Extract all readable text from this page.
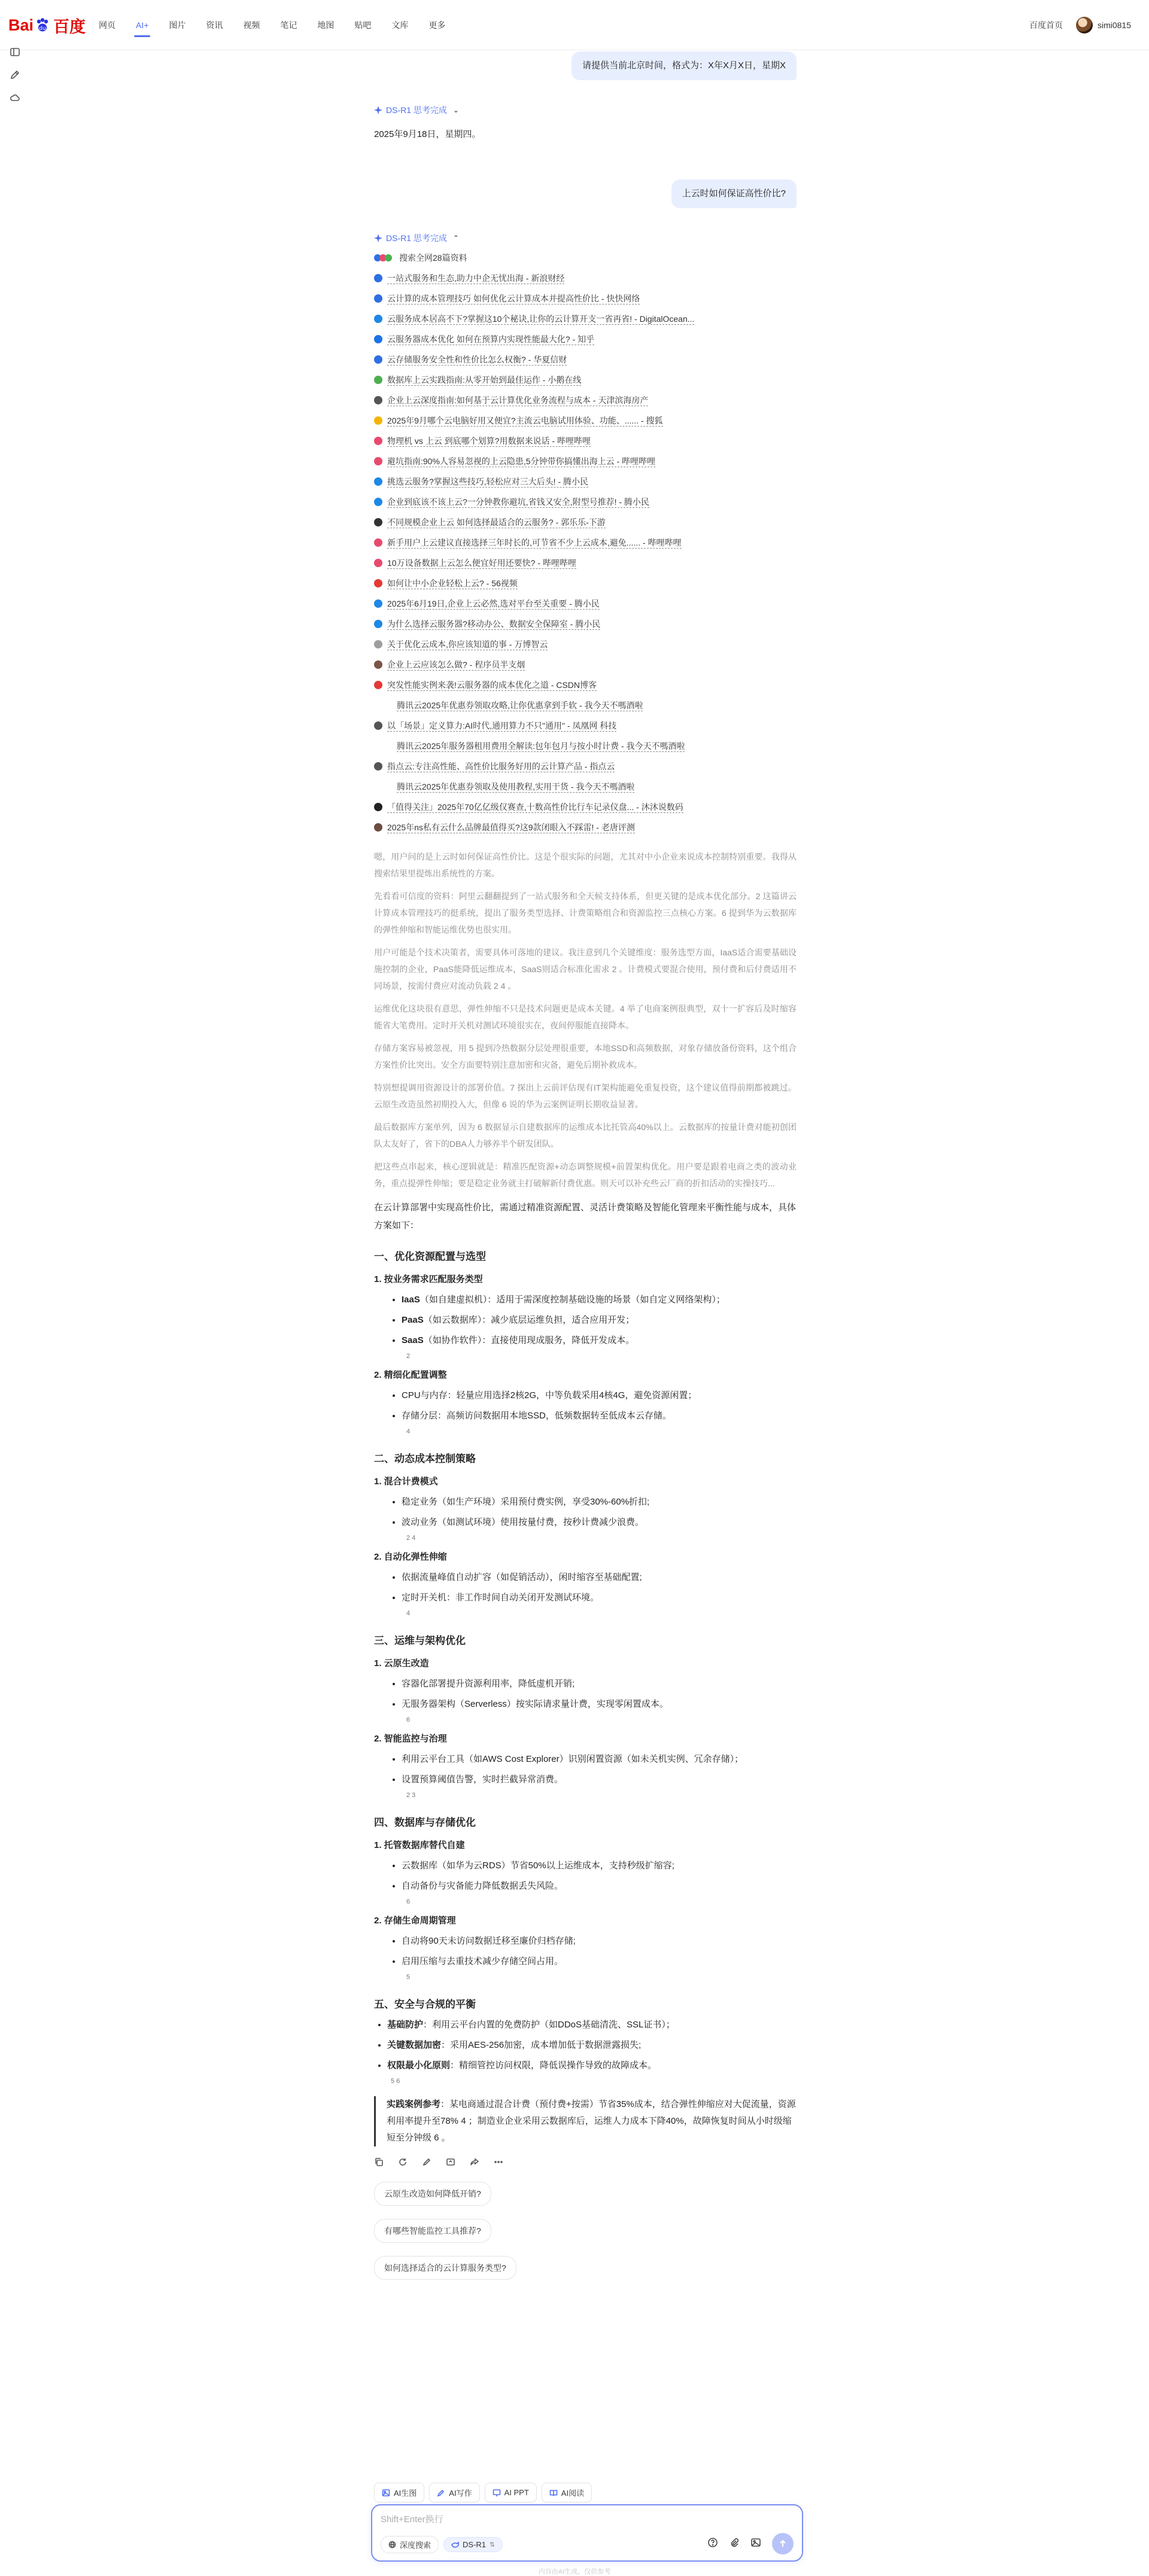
Bai du 百度	网页	AI+	图片	资讯	视频	笔记	地图	贴吧	文库	更多	百度首页	simi0815
请提供当前北京时间，格式为：X年X月X日，星期X
DS-R1 思考完成 ⌄
2025年9月18日，星期四。
上云时如何保证高性价比?
DS-R1 思考完成 ⌃
搜索全网28篇资料
一站式服务和生态,助力中企无忧出海 - 新浪财经
云计算的成本管理技巧 如何优化云计算成本并提高性价比 - 快快网络
云服务成本居高不下?掌握这10个秘诀,让你的云计算开支一省再省! - DigitalOcean...
云服务器成本优化 如何在预算内实现性能最大化? - 知乎
云存储服务安全性和性价比怎么权衡? - 华夏信财
数据库上云实践指南:从零开始到最佳运作 - 小鹅在线
企业上云深度指南:如何基于云计算优化业务流程与成本 - 天津滨海房产
2025年9月哪个云电脑好用又便宜?主流云电脑试用体验、功能、...... - 搜狐
物理机 vs 上云 到底哪个划算?用数据来说话 - 哔哩哔哩
避坑指南:90%人容易忽视的上云隐患,5分钟带你搞懂出海上云 - 哔哩哔哩
挑选云服务?掌握这些技巧,轻松应对三大后头! - 腾小民
企业到底该不该上云?一分钟教你避坑,省钱又安全,附型号推荐! - 腾小民
不同规模企业上云 如何选择最适合的云服务? - 郭乐乐-下游
新手用户上云建议直接选择三年时长的,可节省不少上云成本,避免...... - 哔哩哔哩
10万设备数据上云怎么便宜好用还要快? - 哔哩哔哩
如何让中小企业轻松上云? - 56视频
2025年6月19日,企业上云必然,选对平台至关重要 - 腾小民
为什么选择云服务器?移动办公、数据安全保障室 - 腾小民
关于优化云成本,你应该知道的事 - 万博智云
企业上云应该怎么做? - 程序员半支烟
突发性能实例来袭!云服务器的成本优化之道 - CSDN博客
腾讯云2025年优惠券领取攻略,让你优惠拿到手软 - 我今天不嗎酒啦
以「场景」定义算力:AI时代,通用算力不只"通用" - 凤凰网 科技
腾讯云2025年服务器租用费用全解读:包年包月与按小时计费 - 我今天不嗎酒啦
指点云:专注高性能、高性价比服务好用的云计算产品 - 指点云
腾讯云2025年优惠券领取及使用教程,实用干货 - 我今天不嗎酒啦
「值得关注」2025年70亿亿级仅赛查,十数高性价比行车记录仪盘... - 沐沐说数码
2025年ns私有云什么品牌最值得买?这9款闭眼入不踩雷! - 老唐评测

嗯，用户问的是上云时如何保证高性价比。这是个很实际的问题，尤其对中小企业来说成本控制特别重要。我得从搜索结果里提炼出系统性的方案。

先看看可信度的资料：阿里云翻翻提到了一站式服务和全天候支持体系，但更关键的是成本优化部分。2 这篇讲云计算成本管理技巧的挺系统，提出了服务类型选择、计费策略组合和资源监控三点核心方案。6 提到华为云数据库的弹性伸缩和智能运维优势也很实用。

用户可能是个技术决策者，需要具体可落地的建议。我注意到几个关键维度：服务选型方面，IaaS适合需要基础设施控制的企业，PaaS能降低运维成本，SaaS则适合标准化需求 2 。计费模式要混合使用，预付费和后付费适用不同场景，按需付费应对流动负载 2 4 。

运维优化这块很有意思，弹性伸缩不只是技术问题更是成本关键。4 举了电商案例很典型，双十一扩容后及时缩容能省大笔费用。定时开关机对测试环境很实在，夜间停服能直接降本。

存储方案容易被忽视，用 5 提到冷热数据分层处理很重要，本地SSD和高频数据，对象存储放备份资料，这个组合方案性价比突出。安全方面要特别注意加密和灾备，避免后期补救成本。

特别想提调用资源设计的部署价值。7 探出上云前评估现有IT架构能避免重复投资，这个建议值得前期都被跳过。云原生改造虽然初期投入大，但像 6 说的华为云案例证明长期收益显著。

最后数据库方案单列，因为 6 数据显示自建数据库的运维成本比托管高40%以上。云数据库的按量计费对能初创团队太友好了，省下的DBA人力够养半个研发团队。

把这些点串起来，核心逻辑就是：精准匹配资源+动态调整规模+前置架构优化。用户要是跟着电商之类的波动业务，重点提弹性伸缩；要是稳定业务就主打破解新付费优惠。则天可以补充些云厂商的折扣活动的实操技巧...

在云计算部署中实现高性价比，需通过精准资源配置、灵活计费策略及智能化管理来平衡性能与成本，具体方案如下：

一、优化资源配置与选型
1. 按业务需求匹配服务类型
• IaaS（如自建虚拟机）：适用于需深度控制基础设施的场景（如自定义网络架构）；
• PaaS（如云数据库）：减少底层运维负担，适合应用开发；
• SaaS（如协作软件）：直接使用现成服务，降低开发成本。
2
2. 精细化配置调整
• CPU与内存：轻量应用选择2核2G，中等负载采用4核4G，避免资源闲置；
• 存储分层：高频访问数据用本地SSD，低频数据转至低成本云存储。
4
二、动态成本控制策略
1. 混合计费模式
• 稳定业务（如生产环境）采用预付费实例，享受30%-60%折扣;
• 波动业务（如测试环境）使用按量付费，按秒计费减少浪费。
2 4
2. 自动化弹性伸缩
• 依据流量峰值自动扩容（如促销活动），闲时缩容至基础配置;
• 定时开关机：非工作时间自动关闭开发测试环境。
4
三、运维与架构优化
1. 云原生改造
• 容器化部署提升资源利用率，降低虚机开销;
• 无服务器架构（Serverless）按实际请求量计费，实现零闲置成本。
6
2. 智能监控与治理
• 利用云平台工具（如AWS Cost Explorer）识别闲置资源（如未关机实例、冗余存储）；
• 设置预算阈值告警，实时拦截异常消费。
2 3
四、数据库与存储优化
1. 托管数据库替代自建
• 云数据库（如华为云RDS）节省50%以上运维成本，支持秒级扩缩容;
• 自动备份与灾备能力降低数据丢失风险。
6
2. 存储生命周期管理
• 自动将90天未访问数据迁移至廉价归档存储;
• 启用压缩与去重技术减少存储空间占用。
5
五、安全与合规的平衡
• 基础防护：利用云平台内置的免费防护（如DDoS基础清洗、SSL证书）；
• 关键数据加密：采用AES-256加密，成本增加低于数据泄露损失;
• 权限最小化原则：精细管控访问权限，降低误操作导致的故障成本。
5 6
实践案例参考：某电商通过混合计费（预付费+按需）节省35%成本，结合弹性伸缩应对大促流量，资源利用率提升至78% 4 ；制造业企业采用云数据库后，运维人力成本下降40%，故障恢复时间从小时级缩短至分钟级 6 。
云原生改造如何降低开销?
有哪些智能监控工具推荐?
如何选择适合的云计算服务类型?
AI生图	AI写作	AI PPT	AI阅读
Shift+Enter换行
深度搜索	DS-R1 ⇅
内容由AI生成，仅供参考
